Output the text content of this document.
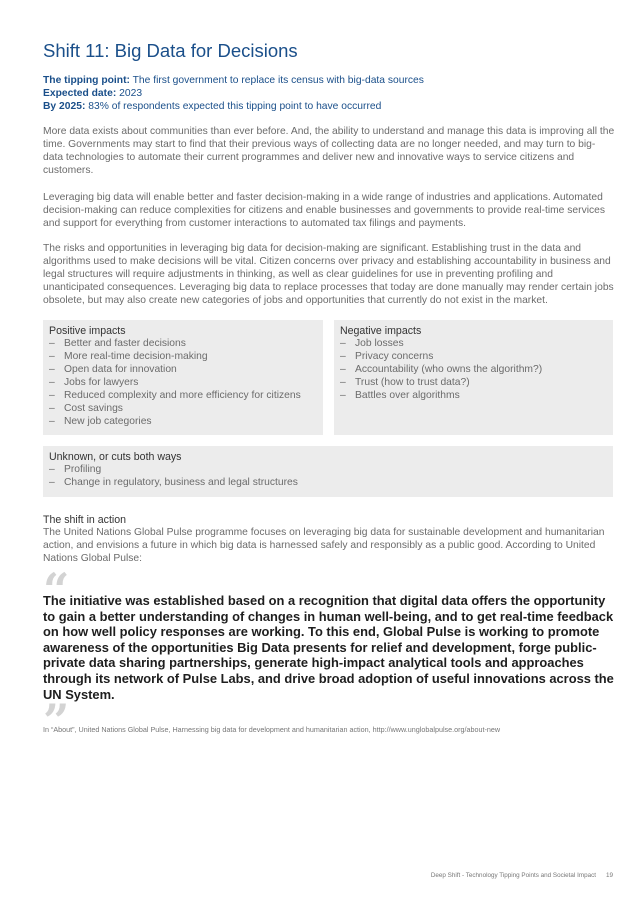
Shift 11: Big Data for Decisions
The tipping point: The first government to replace its census with big-data sources
Expected date: 2023
By 2025: 83% of respondents expected this tipping point to have occurred

More data exists about communities than ever before. And, the ability to understand and manage this data is improving all the time. Governments may start to find that their previous ways of collecting data are no longer needed, and may turn to big-data technologies to automate their current programmes and deliver new and innovative ways to service citizens and customers.

Leveraging big data will enable better and faster decision-making in a wide range of industries and applications. Automated decision-making can reduce complexities for citizens and enable businesses and governments to provide real-time services and support for everything from customer interactions to automated tax filings and payments.

The risks and opportunities in leveraging big data for decision-making are significant. Establishing trust in the data and algorithms used to make decisions will be vital. Citizen concerns over privacy and establishing accountability in business and legal structures will require adjustments in thinking, as well as clear guidelines for use in preventing profiling and unanticipated consequences. Leveraging big data to replace processes that today are done manually may render certain jobs obsolete, but may also create new categories of jobs and opportunities that currently do not exist in the market.

Positive impacts
– Better and faster decisions
– More real-time decision-making
– Open data for innovation
– Jobs for lawyers
– Reduced complexity and more efficiency for citizens
– Cost savings
– New job categories
Negative impacts
– Job losses
– Privacy concerns
– Accountability (who owns the algorithm?)
– Trust (how to trust data?)
– Battles over algorithms
Unknown, or cuts both ways
– Profiling
– Change in regulatory, business and legal structures
The shift in action

The United Nations Global Pulse programme focuses on leveraging big data for sustainable development and humanitarian action, and envisions a future in which big data is harnessed safely and responsibly as a public good. According to United Nations Global Pulse:

“

The initiative was established based on a recognition that digital data offers the opportunity to gain a better understanding of changes in human well-being, and to get real-time feedback on how well policy responses are working. To this end, Global Pulse is working to promote awareness of the opportunities Big Data presents for relief and development, forge public-private data sharing partnerships, generate high-impact analytical tools and approaches through its network of Pulse Labs, and drive broad adoption of useful innovations across the UN System.

”
In “About”, United Nations Global Pulse, Harnessing big data for development and humanitarian action, http://www.unglobalpulse.org/about-new
Deep Shift - Technology Tipping Points and Societal Impact 19
